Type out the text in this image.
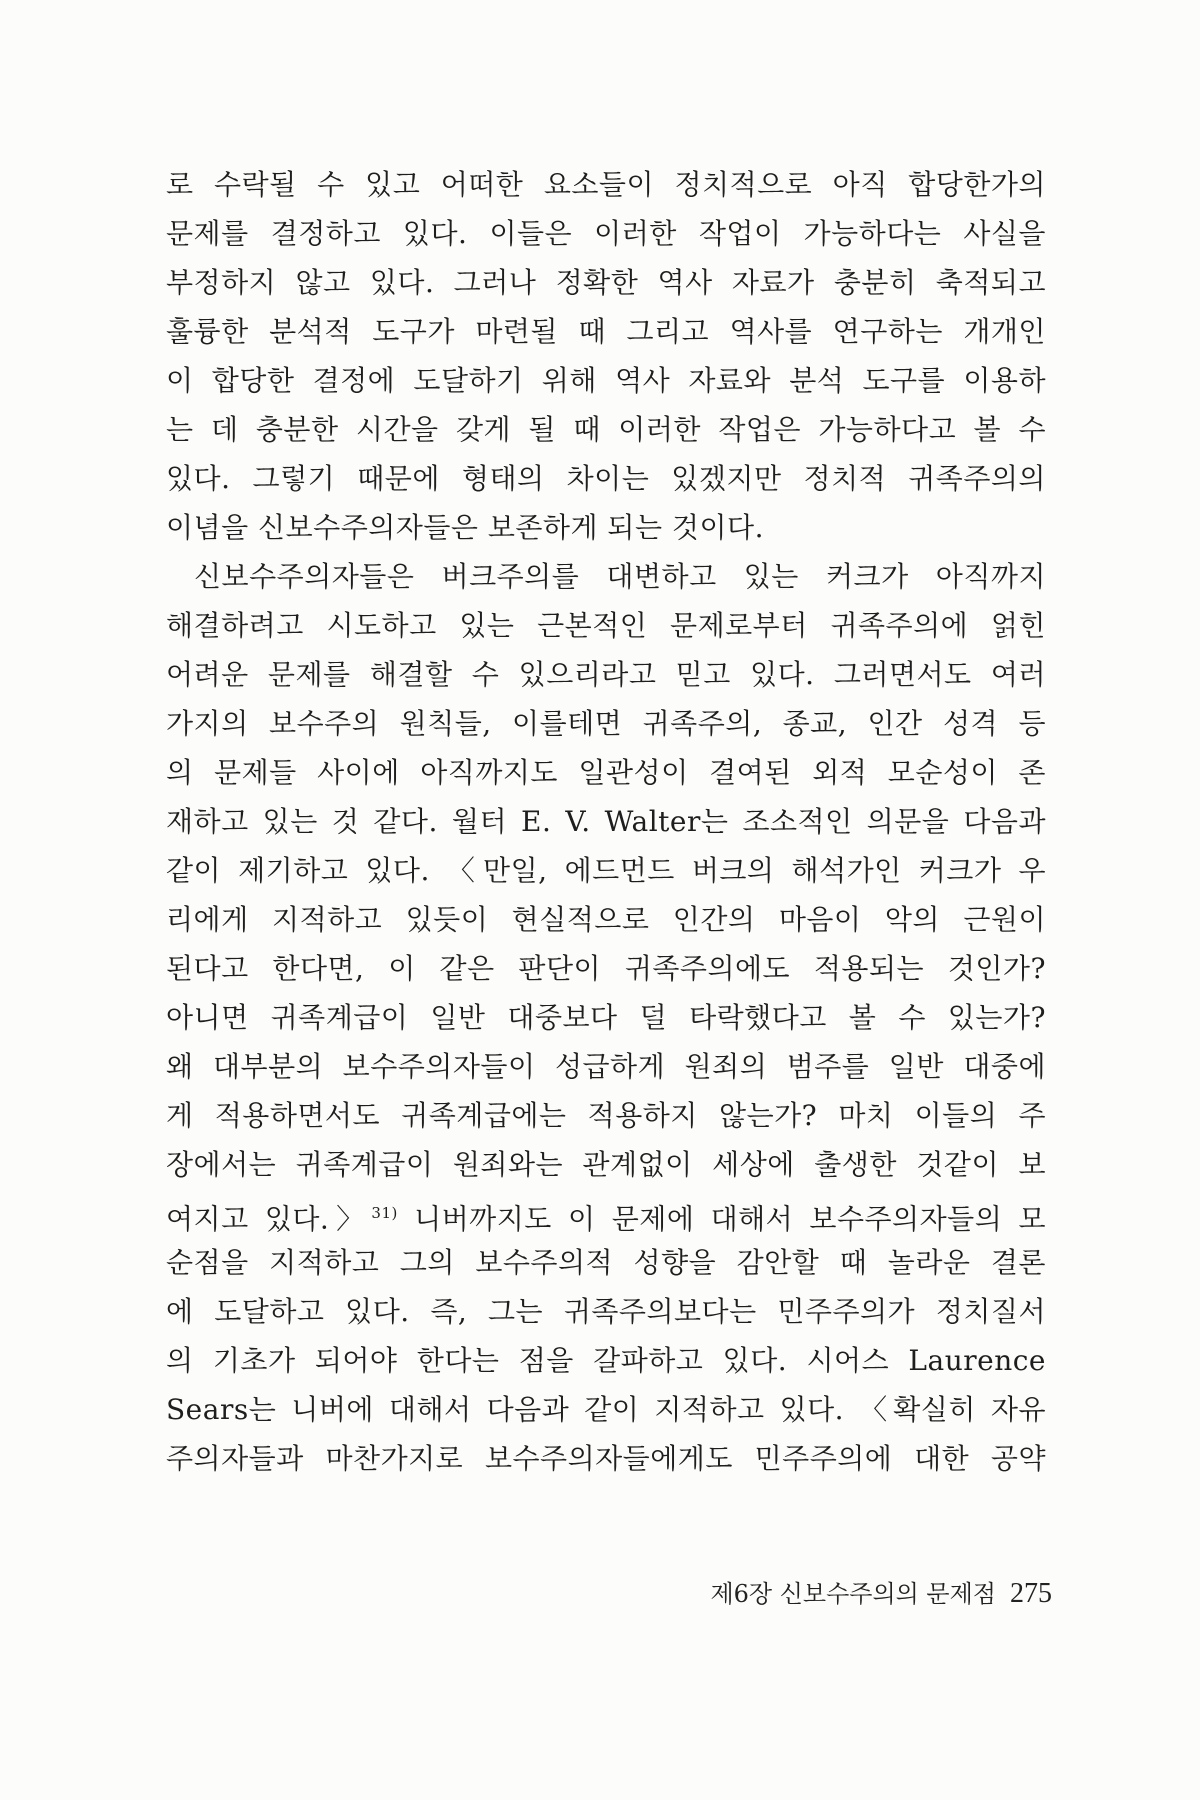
로 수락될 수 있고 어떠한 요소들이 정치적으로 아직 합당한가의
문제를 결정하고 있다. 이들은 이러한 작업이 가능하다는 사실을
부정하지 않고 있다. 그러나 정확한 역사 자료가 충분히 축적되고
훌륭한 분석적 도구가 마련될 때 그리고 역사를 연구하는 개개인
이 합당한 결정에 도달하기 위해 역사 자료와 분석 도구를 이용하
는 데 충분한 시간을 갖게 될 때 이러한 작업은 가능하다고 볼 수
있다. 그렇기 때문에 형태의 차이는 있겠지만 정치적 귀족주의의
이념을 신보수주의자들은 보존하게 되는 것이다.
신보수주의자들은 버크주의를 대변하고 있는 커크가 아직까지
해결하려고 시도하고 있는 근본적인 문제로부터 귀족주의에 얽힌
어려운 문제를 해결할 수 있으리라고 믿고 있다. 그러면서도 여러
가지의 보수주의 원칙들, 이를테면 귀족주의, 종교, 인간 성격 등
의 문제들 사이에 아직까지도 일관성이 결여된 외적 모순성이 존
재하고 있는 것 같다. 월터 E. V. Walter는 조소적인 의문을 다음과
같이 제기하고 있다. 〈만일, 에드먼드 버크의 해석가인 커크가 우
리에게 지적하고 있듯이 현실적으로 인간의 마음이 악의 근원이
된다고 한다면, 이 같은 판단이 귀족주의에도 적용되는 것인가?
아니면 귀족계급이 일반 대중보다 덜 타락했다고 볼 수 있는가?
왜 대부분의 보수주의자들이 성급하게 원죄의 범주를 일반 대중에
게 적용하면서도 귀족계급에는 적용하지 않는가? 마치 이들의 주
장에서는 귀족계급이 원죄와는 관계없이 세상에 출생한 것같이 보
여지고 있다.〉$^{31)}$ 니버까지도 이 문제에 대해서 보수주의자들의 모
순점을 지적하고 그의 보수주의적 성향을 감안할 때 놀라운 결론
에 도달하고 있다. 즉, 그는 귀족주의보다는 민주주의가 정치질서
의 기초가 되어야 한다는 점을 갈파하고 있다. 시어스 Laurence
Sears는 니버에 대해서 다음과 같이 지적하고 있다. 〈확실히 자유
주의자들과 마찬가지로 보수주의자들에게도 민주주의에 대한 공약
제6장 신보수주의의 문제점 275
